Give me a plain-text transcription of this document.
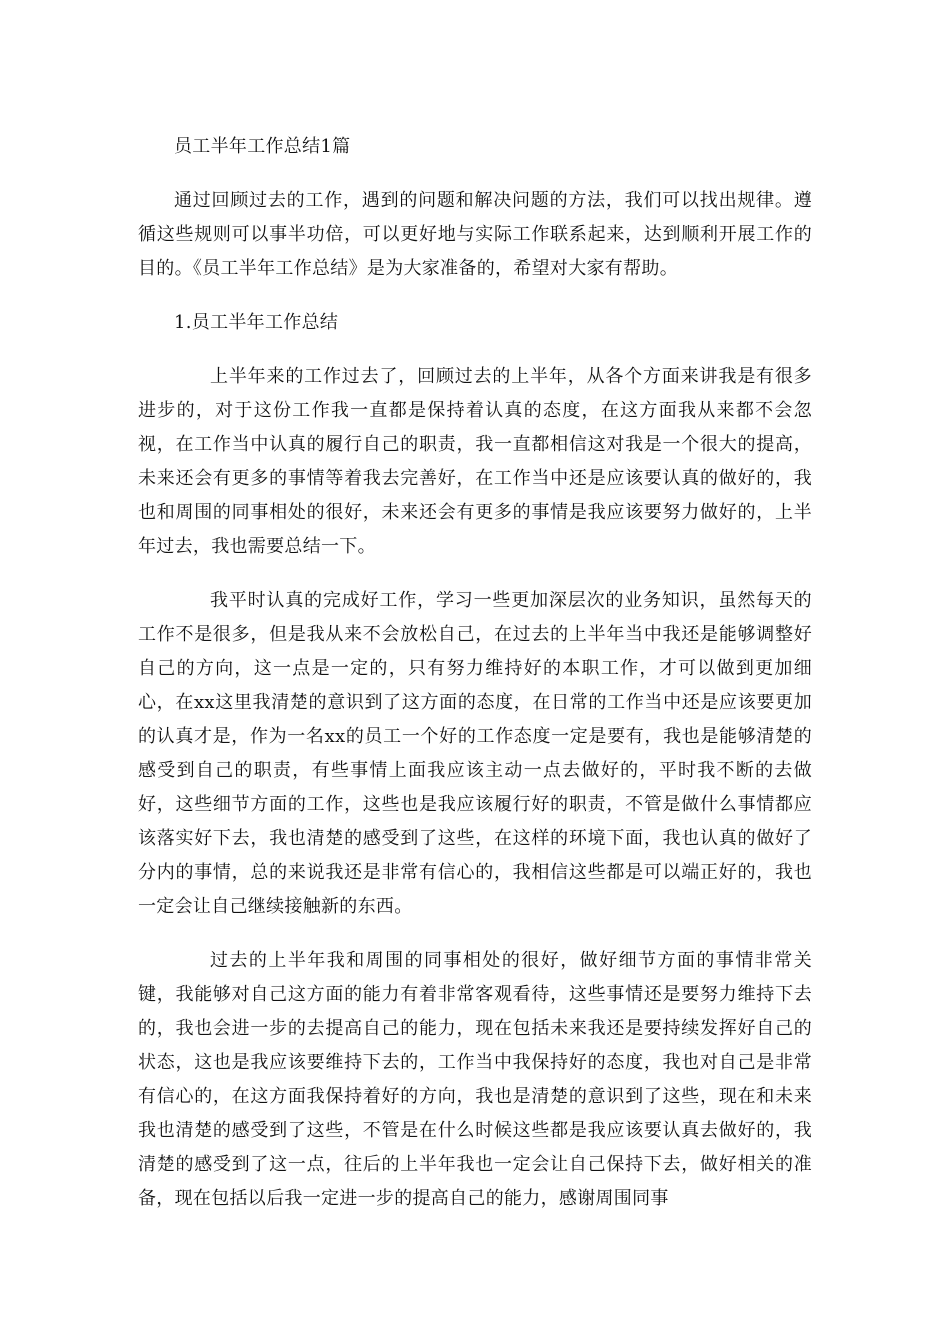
员工半年工作总结1篇

通过回顾过去的工作，遇到的问题和解决问题的方法，我们可以找出规律。遵循这些规则可以事半功倍，可以更好地与实际工作联系起来，达到顺利开展工作的目的。《员工半年工作总结》是为大家准备的，希望对大家有帮助。

1.员工半年工作总结

上半年来的工作过去了，回顾过去的上半年，从各个方面来讲我是有很多进步的，对于这份工作我一直都是保持着认真的态度，在这方面我从来都不会忽视，在工作当中认真的履行自己的职责，我一直都相信这对我是一个很大的提高，未来还会有更多的事情等着我去完善好，在工作当中还是应该要认真的做好的，我也和周围的同事相处的很好，未来还会有更多的事情是我应该要努力做好的，上半年过去，我也需要总结一下。

我平时认真的完成好工作，学习一些更加深层次的业务知识，虽然每天的工作不是很多，但是我从来不会放松自己，在过去的上半年当中我还是能够调整好自己的方向，这一点是一定的，只有努力维持好的本职工作，才可以做到更加细心，在xx这里我清楚的意识到了这方面的态度，在日常的工作当中还是应该要更加的认真才是，作为一名xx的员工一个好的工作态度一定是要有，我也是能够清楚的感受到自己的职责，有些事情上面我应该主动一点去做好的，平时我不断的去做好，这些细节方面的工作，这些也是我应该履行好的职责，不管是做什么事情都应该落实好下去，我也清楚的感受到了这些，在这样的环境下面，我也认真的做好了分内的事情，总的来说我还是非常有信心的，我相信这些都是可以端正好的，我也一定会让自己继续接触新的东西。

过去的上半年我和周围的同事相处的很好，做好细节方面的事情非常关键，我能够对自己这方面的能力有着非常客观看待，这些事情还是要努力维持下去的，我也会进一步的去提高自己的能力，现在包括未来我还是要持续发挥好自己的状态，这也是我应该要维持下去的，工作当中我保持好的态度，我也对自己是非常有信心的，在这方面我保持着好的方向，我也是清楚的意识到了这些，现在和未来我也清楚的感受到了这些，不管是在什么时候这些都是我应该要认真去做好的，我清楚的感受到了这一点，往后的上半年我也一定会让自己保持下去，做好相关的准备，现在包括以后我一定进一步的提高自己的能力，感谢周围同事
